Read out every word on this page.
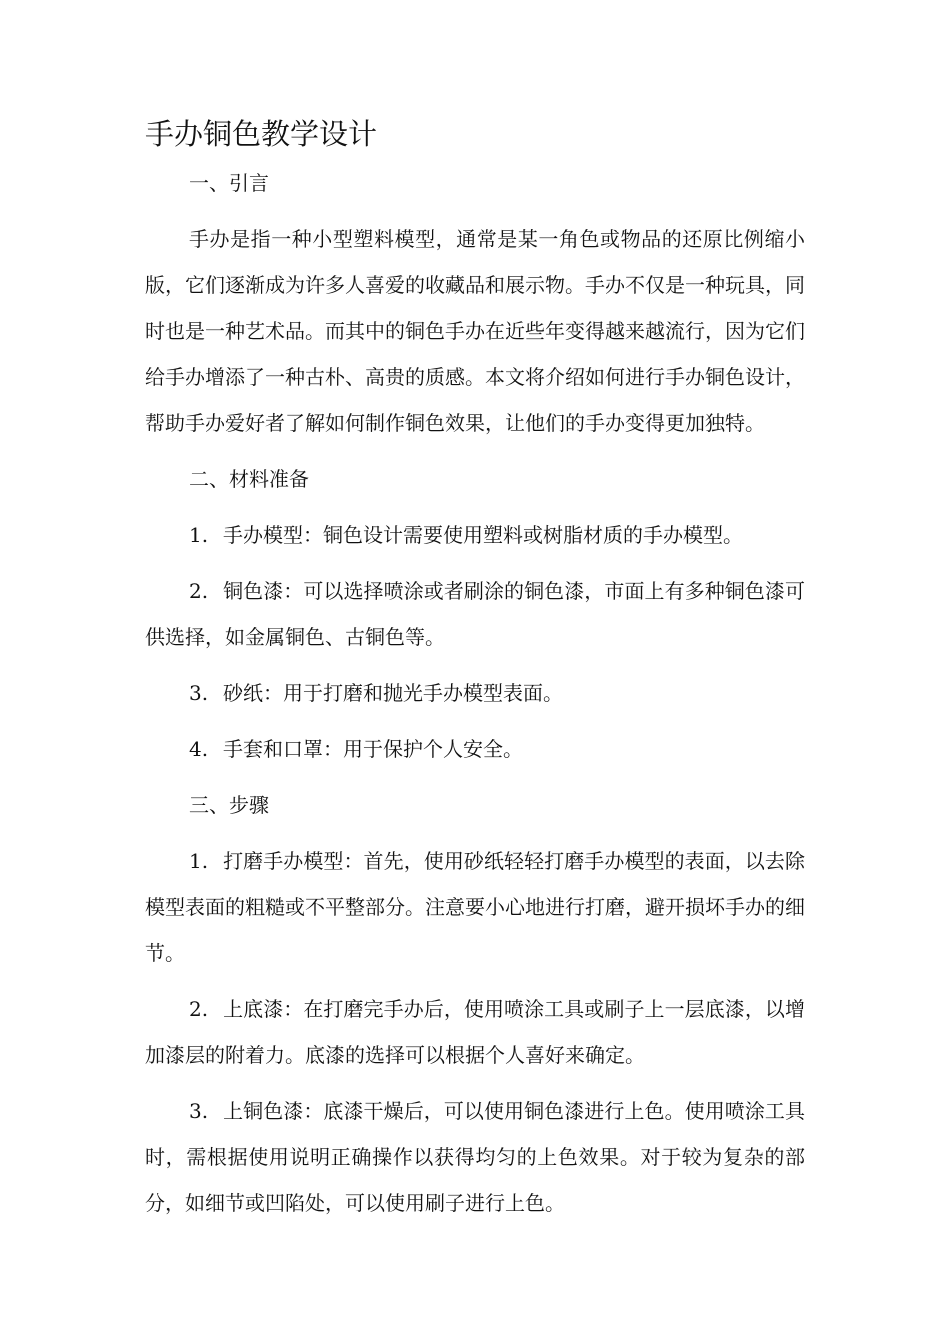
手办铜色教学设计

一、引言

手办是指一种小型塑料模型，通常是某一角色或物品的还原比例缩小版，它们逐渐成为许多人喜爱的收藏品和展示物。手办不仅是一种玩具，同时也是一种艺术品。而其中的铜色手办在近些年变得越来越流行，因为它们给手办增添了一种古朴、高贵的质感。本文将介绍如何进行手办铜色设计，帮助手办爱好者了解如何制作铜色效果，让他们的手办变得更加独特。

二、材料准备

1. 手办模型：铜色设计需要使用塑料或树脂材质的手办模型。

2. 铜色漆：可以选择喷涂或者刷涂的铜色漆，市面上有多种铜色漆可供选择，如金属铜色、古铜色等。

3. 砂纸：用于打磨和抛光手办模型表面。

4. 手套和口罩：用于保护个人安全。

三、步骤

1. 打磨手办模型：首先，使用砂纸轻轻打磨手办模型的表面，以去除模型表面的粗糙或不平整部分。注意要小心地进行打磨，避开损坏手办的细节。

2. 上底漆：在打磨完手办后，使用喷涂工具或刷子上一层底漆，以增加漆层的附着力。底漆的选择可以根据个人喜好来确定。

3. 上铜色漆：底漆干燥后，可以使用铜色漆进行上色。使用喷涂工具时，需根据使用说明正确操作以获得均匀的上色效果。对于较为复杂的部分，如细节或凹陷处，可以使用刷子进行上色。
